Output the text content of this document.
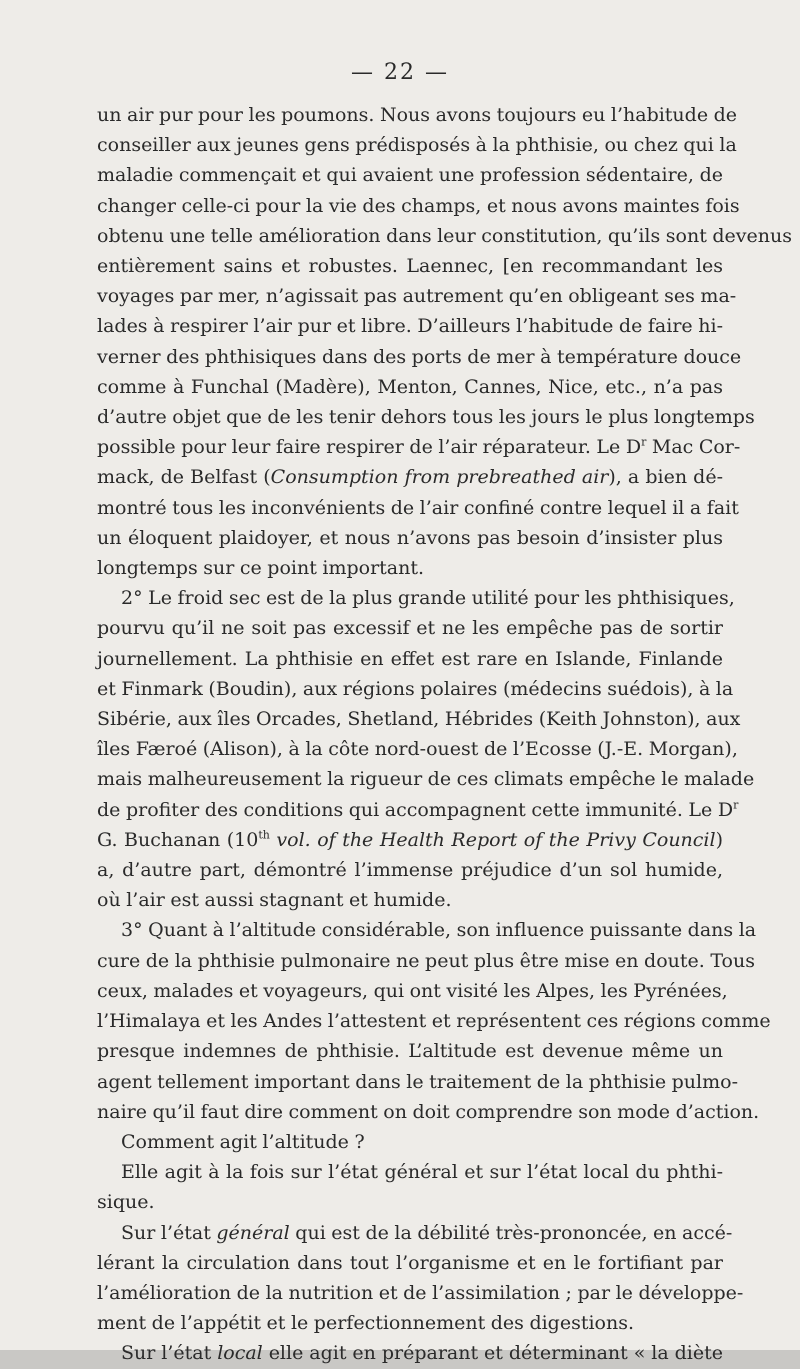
— 22 —
un air pur pour les poumons. Nous avons toujours eu l’habitude de
conseiller aux jeunes gens prédisposés à la phthisie, ou chez qui la
maladie commençait et qui avaient une profession sédentaire, de
changer celle-ci pour la vie des champs, et nous avons maintes fois
obtenu une telle amélioration dans leur constitution, qu’ils sont devenus
entièrement sains et robustes. Laennec, [en recommandant les
voyages par mer, n’agissait pas autrement qu’en obligeant ses ma-
lades à respirer l’air pur et libre. D’ailleurs l’habitude de faire hi-
verner des phthisiques dans des ports de mer à température douce
comme à Funchal (Madère), Menton, Cannes, Nice, etc., n’a pas
d’autre objet que de les tenir dehors tous les jours le plus longtemps
possible pour leur faire respirer de l’air réparateur. Le $D^r$ Mac Cor-
mack, de Belfast (Consumption from prebreathed air), a bien dé-
montré tous les inconvénients de l’air confiné contre lequel il a fait
un éloquent plaidoyer, et nous n’avons pas besoin d’insister plus
longtemps sur ce point important.
2° Le froid sec est de la plus grande utilité pour les phthisiques,
pourvu qu’il ne soit pas excessif et ne les empêche pas de sortir
journellement. La phthisie en effet est rare en Islande, Finlande
et Finmark (Boudin), aux régions polaires (médecins suédois), à la
Sibérie, aux îles Orcades, Shetland, Hébrides (Keith Johnston), aux
îles Færoé (Alison), à la côte nord-ouest de l’Ecosse (J.-E. Morgan),
mais malheureusement la rigueur de ces climats empêche le malade
de profiter des conditions qui accompagnent cette immunité. Le $D^r$
G. Buchanan (10th vol. of the Health Report of the Privy Council)
a, d’autre part, démontré l’immense préjudice d’un sol humide,
où l’air est aussi stagnant et humide.
3° Quant à l’altitude considérable, son influence puissante dans la
cure de la phthisie pulmonaire ne peut plus être mise en doute. Tous
ceux, malades et voyageurs, qui ont visité les Alpes, les Pyrénées,
l’Himalaya et les Andes l’attestent et représentent ces régions comme
presque indemnes de phthisie. L’altitude est devenue même un
agent tellement important dans le traitement de la phthisie pulmo-
naire qu’il faut dire comment on doit comprendre son mode d’action.
Comment agit l’altitude ?
Elle agit à la fois sur l’état général et sur l’état local du phthi-
sique.
Sur l’état général qui est de la débilité très-prononcée, en accé-
lérant la circulation dans tout l’organisme et en le fortifiant par
l’amélioration de la nutrition et de l’assimilation ; par le développe-
ment de l’appétit et le perfectionnement des digestions.
Sur l’état local elle agit en préparant et déterminant « la diète
